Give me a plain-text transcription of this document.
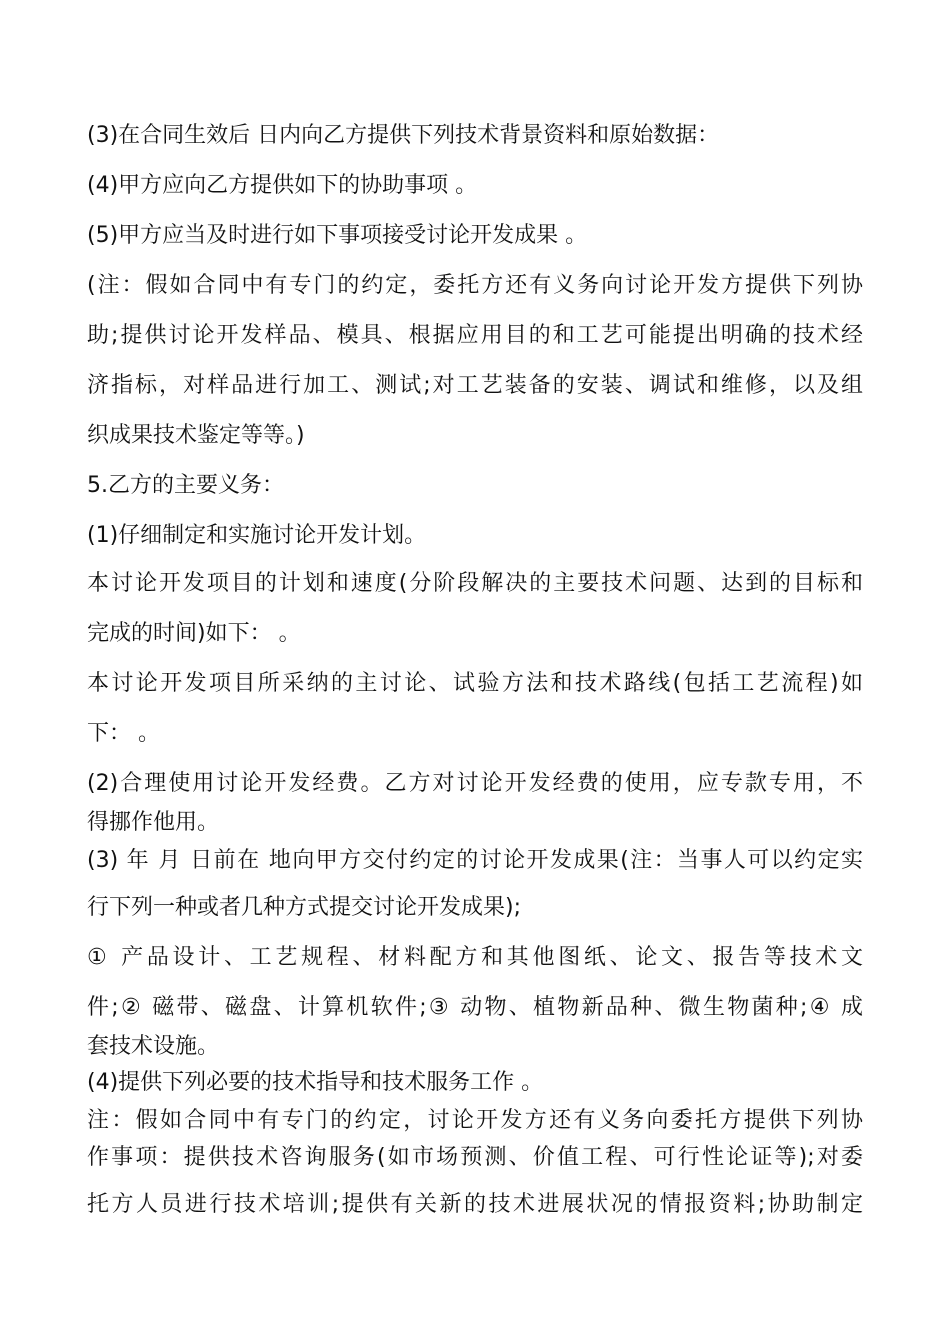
(3)在合同生效后 日内向乙方提供下列技术背景资料和原始数据：
(4)甲方应向乙方提供如下的协助事项 。
(5)甲方应当及时进行如下事项接受讨论开发成果 。
(注：假如合同中有专门的约定，委托方还有义务向讨论开发方提供下列协
助;提供讨论开发样品、模具、根据应用目的和工艺可能提出明确的技术经
济指标，对样品进行加工、测试;对工艺装备的安装、调试和维修，以及组
织成果技术鉴定等等。)
5.乙方的主要义务：
(1)仔细制定和实施讨论开发计划。
本讨论开发项目的计划和速度(分阶段解决的主要技术问题、达到的目标和
完成的时间)如下： 。
本讨论开发项目所采纳的主讨论、试验方法和技术路线(包括工艺流程)如
下： 。
(2)合理使用讨论开发经费。乙方对讨论开发经费的使用，应专款专用，不
得挪作他用。
(3) 年 月 日前在 地向甲方交付约定的讨论开发成果(注：当事人可以约定实
行下列一种或者几种方式提交讨论开发成果);
① 产品设计、工艺规程、材料配方和其他图纸、论文、报告等技术文
件;② 磁带、磁盘、计算机软件;③ 动物、植物新品种、微生物菌种;④ 成
套技术设施。
(4)提供下列必要的技术指导和技术服务工作 。
注：假如合同中有专门的约定，讨论开发方还有义务向委托方提供下列协
作事项：提供技术咨询服务(如市场预测、价值工程、可行性论证等);对委
托方人员进行技术培训;提供有关新的技术进展状况的情报资料;协助制定
